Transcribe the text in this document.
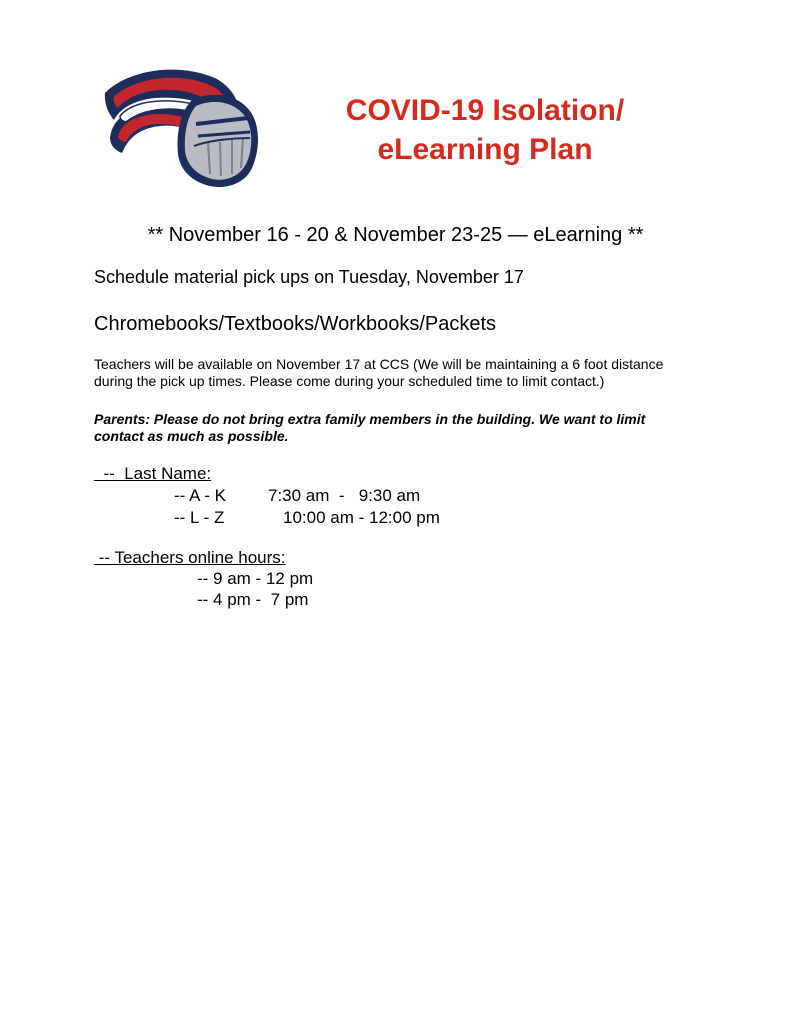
COVID-19 Isolation/
eLearning Plan
** November 16 - 20 & November 23-25 — eLearning **
Schedule material pick ups on Tuesday, November 17
Chromebooks/Textbooks/Workbooks/Packets
Teachers will be available on November 17 at CCS (We will be maintaining a 6 foot distance
during the pick up times. Please come during your scheduled time to limit contact.)
Parents: Please do not bring extra family members in the building. We want to limit
contact as much as possible.
--  Last Name:
-- A - K 7:30 am  -   9:30 am
-- L - Z	10:00 am - 12:00 pm
-- Teachers online hours:
-- 9 am - 12 pm
-- 4 pm -  7 pm
